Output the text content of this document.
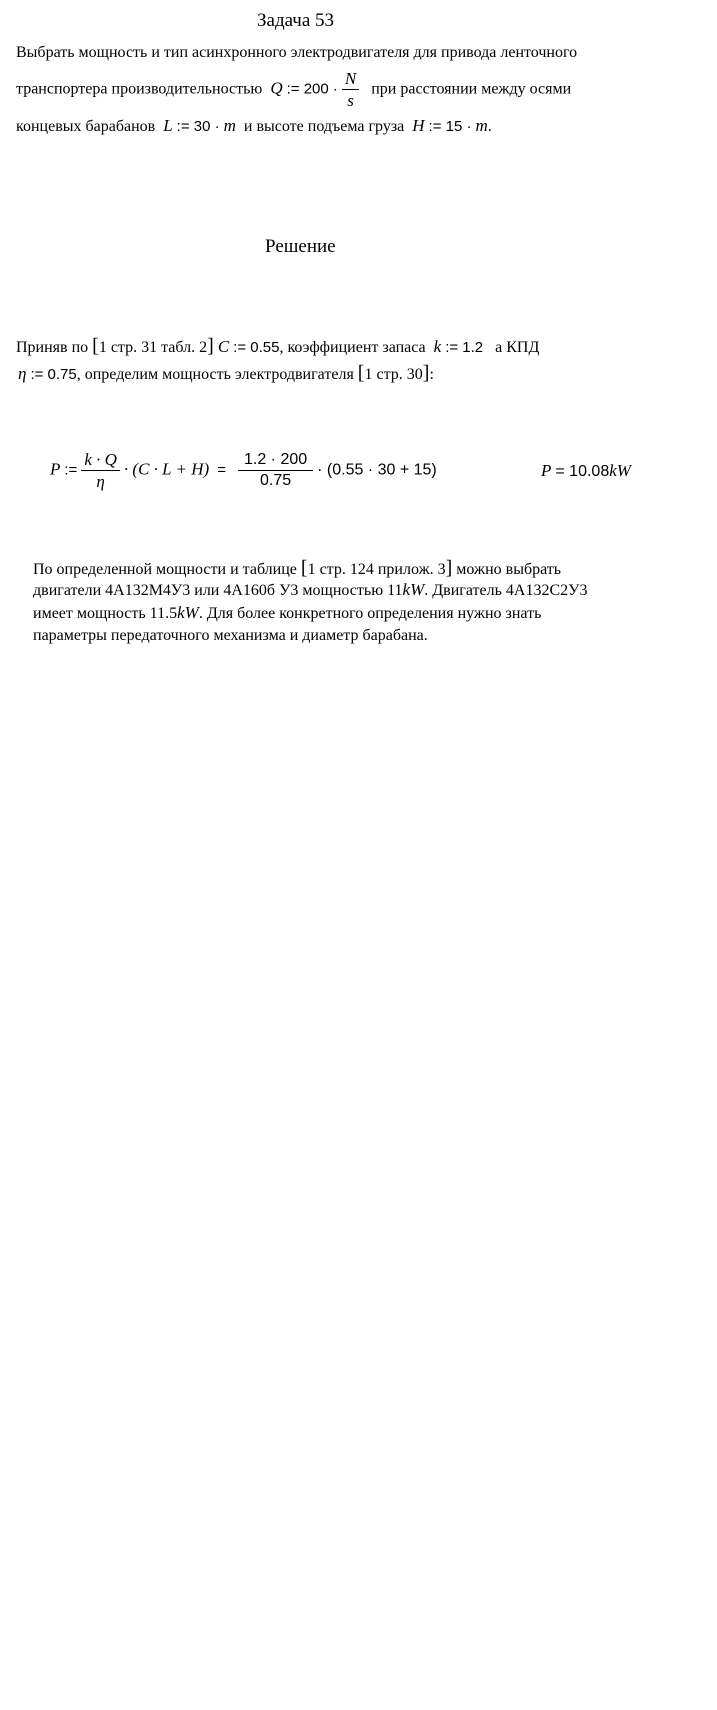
Задача 53
Выбрать мощность и тип асинхронного электродвигателя для привода ленточного
транспортера производительностью Q := $200 \cdot \frac{N}{s}$ при расстоянии между осями
концевых барабанов L := 30 · m и высоте подъема груза H := 15 · m.
Решение
Приняв по [1 стр. 31 табл. 2] C := 0.55, коэффициент запаса k := 1.2 а КПД
η := 0.75, определим мощность электродвигателя [1 стр. 30]:
P := $\frac{k \cdot Q}{\eta} \cdot (C \cdot L + H) = \frac{1.2 \cdot 200}{0.75} \cdot (0.55 \cdot 30 + 15)$	P = 10.08kW
По определенной мощности и таблице [1 стр. 124 прилож. 3] можно выбрать
двигатели 4А132М4У3 или 4А160б У3 мощностью 11kW. Двигатель 4А132С2У3
имеет мощность 11.5kW. Для более конкретного определения нужно знать
параметры передаточного механизма и диаметр барабана.
